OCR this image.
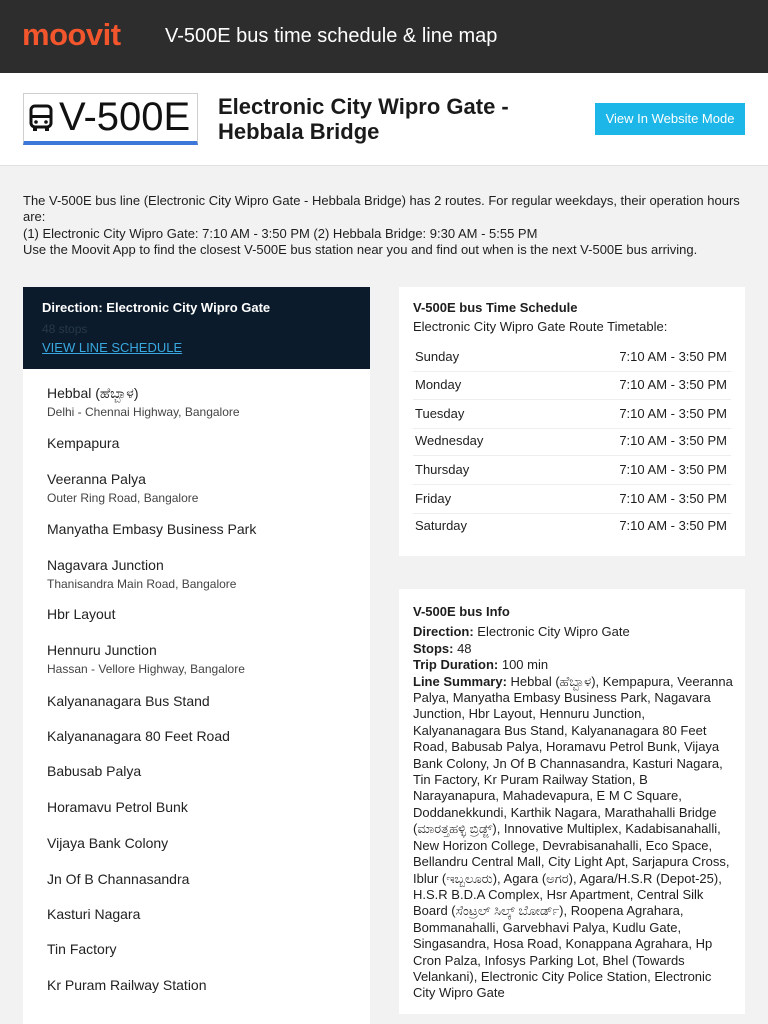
moovit V-500E bus time schedule & line map
V-500E Electronic City Wipro Gate - Hebbala Bridge
View In Website Mode
The V-500E bus line (Electronic City Wipro Gate - Hebbala Bridge) has 2 routes. For regular weekdays, their operation hours are:
(1) Electronic City Wipro Gate: 7:10 AM - 3:50 PM (2) Hebbala Bridge: 9:30 AM - 5:55 PM
Use the Moovit App to find the closest V-500E bus station near you and find out when is the next V-500E bus arriving.
Direction: Electronic City Wipro Gate
48 stops
VIEW LINE SCHEDULE
Hebbal (ಹೆಬ್ಬಾಳ)
Delhi - Chennai Highway, Bangalore
Kempapura
Veeranna Palya
Outer Ring Road, Bangalore
Manyatha Embasy Business Park
Nagavara Junction
Thanisandra Main Road, Bangalore
Hbr Layout
Hennuru Junction
Hassan - Vellore Highway, Bangalore
Kalyananagara Bus Stand
Kalyananagara 80 Feet Road
Babusab Palya
Horamavu Petrol Bunk
Vijaya Bank Colony
Jn Of B Channasandra
Kasturi Nagara
Tin Factory
Kr Puram Railway Station
V-500E bus Time Schedule
Electronic City Wipro Gate Route Timetable:
Sunday	7:10 AM - 3:50 PM
Monday	7:10 AM - 3:50 PM
Tuesday	7:10 AM - 3:50 PM
Wednesday	7:10 AM - 3:50 PM
Thursday	7:10 AM - 3:50 PM
Friday	7:10 AM - 3:50 PM
Saturday	7:10 AM - 3:50 PM
V-500E bus Info
Direction: Electronic City Wipro Gate
Stops: 48
Trip Duration: 100 min
Line Summary: Hebbal (ಹೆಬ್ಬಾಳ), Kempapura, Veeranna Palya, Manyatha Embasy Business Park, Nagavara Junction, Hbr Layout, Hennuru Junction, Kalyananagara Bus Stand, Kalyananagara 80 Feet Road, Babusab Palya, Horamavu Petrol Bunk, Vijaya Bank Colony, Jn Of B Channasandra, Kasturi Nagara, Tin Factory, Kr Puram Railway Station, B Narayanapura, Mahadevapura, E M C Square, Doddanekkundi, Karthik Nagara, Marathahalli Bridge (ಮಾರತ್ತಹಳ್ಳಿ ಬ್ರಿಡ್ಜ್), Innovative Multiplex, Kadabisanahalli, New Horizon College, Devrabisanahalli, Eco Space, Bellandru Central Mall, City Light Apt, Sarjapura Cross, Iblur (ಇಬ್ಬಲೂರು), Agara (ಅಗರ), Agara/H.S.R (Depot-25), H.S.R B.D.A Complex, Hsr Apartment, Central Silk Board (ಸೆಂಟ್ರಲ್ ಸಿಲ್ಕ್ ಬೋರ್ಡ್), Roopena Agrahara, Bommanahalli, Garvebhavi Palya, Kudlu Gate, Singasandra, Hosa Road, Konappana Agrahara, Hp Cron Palza, Infosys Parking Lot, Bhel (Towards Velankani), Electronic City Police Station, Electronic City Wipro Gate
